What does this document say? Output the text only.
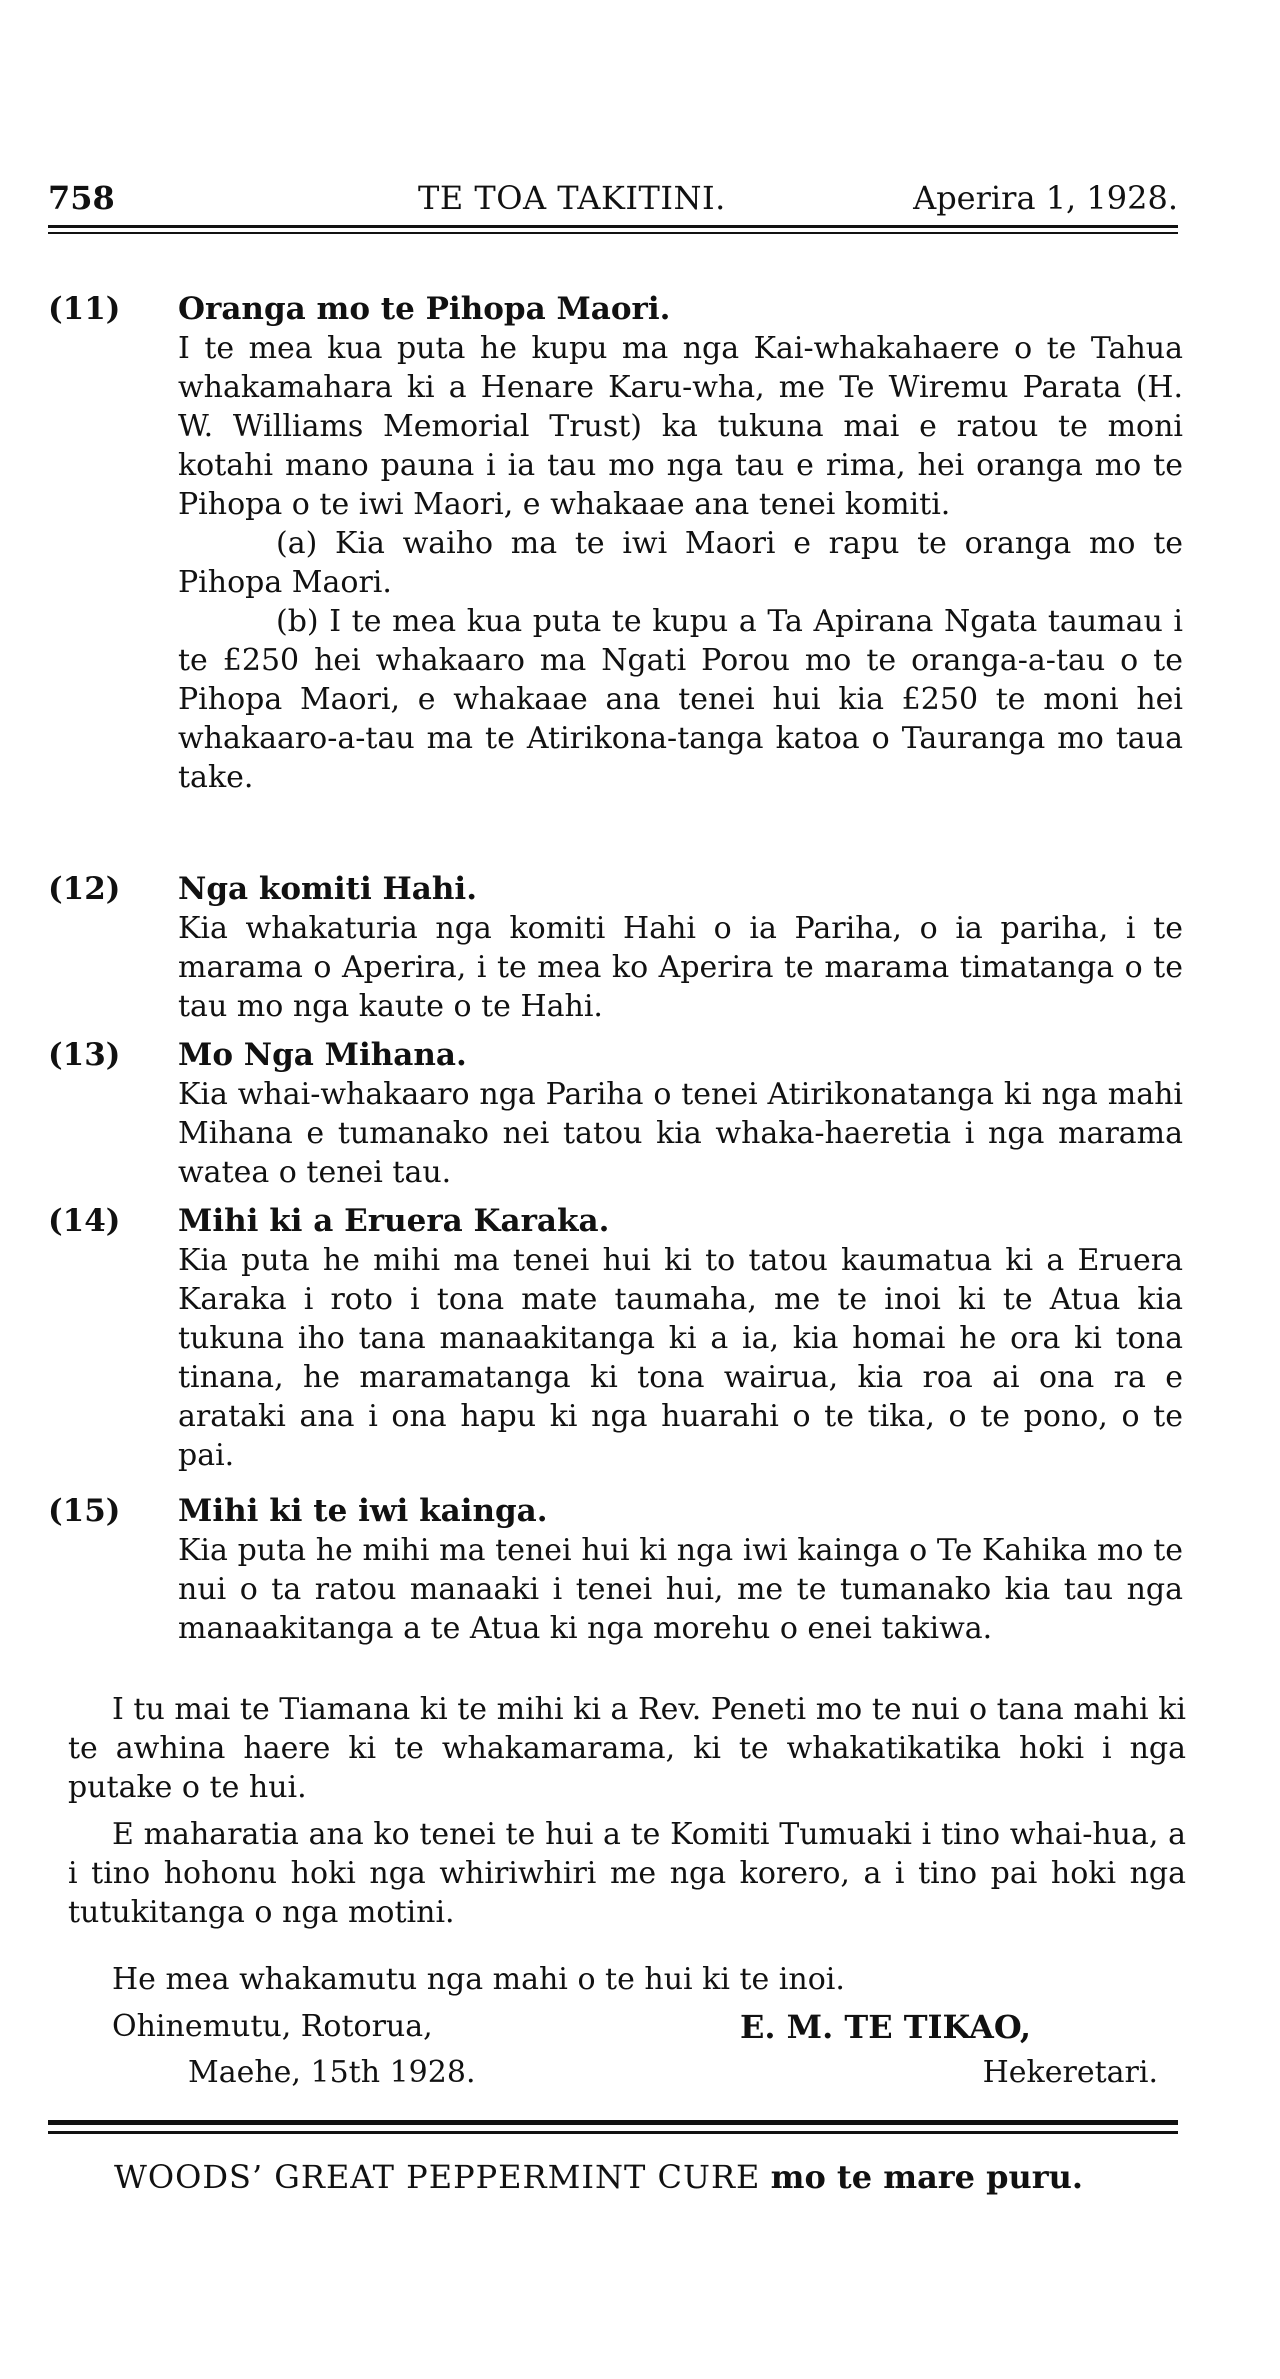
758	TE TOA TAKITINI.	Aperira 1, 1928.
(11)	Oranga mo te Pihopa Maori.
I te mea kua puta he kupu ma nga Kai-whakahaere o te Tahua whakamahara ki a Henare Karu-wha, me Te Wiremu Parata (H. W. Williams Memorial Trust) ka tukuna mai e ratou te moni kotahi mano pauna i ia tau mo nga tau e rima, hei oranga mo te Pihopa o te iwi Maori, e whakaae ana tenei komiti.
(a) Kia waiho ma te iwi Maori e rapu te oranga mo te Pihopa Maori.
(b) I te mea kua puta te kupu a Ta Apirana Ngata taumau i te £250 hei whakaaro ma Ngati Porou mo te oranga-a-tau o te Pihopa Maori, e whakaae ana tenei hui kia £250 te moni hei whakaaro-a-tau ma te Atirikona-tanga katoa o Tauranga mo taua take.
(12)	Nga komiti Hahi.
Kia whakaturia nga komiti Hahi o ia Pariha, o ia pariha, i te marama o Aperira, i te mea ko Aperira te marama timatanga o te tau mo nga kaute o te Hahi.
(13)	Mo Nga Mihana.
Kia whai-whakaaro nga Pariha o tenei Atirikonatanga ki nga mahi Mihana e tumanako nei tatou kia whaka-haeretia i nga marama watea o tenei tau.
(14)	Mihi ki a Eruera Karaka.
Kia puta he mihi ma tenei hui ki to tatou kaumatua ki a Eruera Karaka i roto i tona mate taumaha, me te inoi ki te Atua kia tukuna iho tana manaakitanga ki a ia, kia homai he ora ki tona tinana, he maramatanga ki tona wairua, kia roa ai ona ra e arataki ana i ona hapu ki nga huarahi o te tika, o te pono, o te pai.
(15)	Mihi ki te iwi kainga.
Kia puta he mihi ma tenei hui ki nga iwi kainga o Te Kahika mo te nui o ta ratou manaaki i tenei hui, me te tumanako kia tau nga manaakitanga a te Atua ki nga morehu o enei takiwa.
I tu mai te Tiamana ki te mihi ki a Rev. Peneti mo te nui o tana mahi ki te awhina haere ki te whakamarama, ki te whakatikatika hoki i nga putake o te hui.
E maharatia ana ko tenei te hui a te Komiti Tumuaki i tino whai-hua, a i tino hohonu hoki nga whiriwhiri me nga korero, a i tino pai hoki nga tutukitanga o nga motini.
He mea whakamutu nga mahi o te hui ki te inoi.
Ohinemutu, Rotorua,
Maehe, 15th 1928.
E. M. TE TIKAO,
Hekeretari.
WOODS’ GREAT PEPPERMINT CURE mo te mare puru.
